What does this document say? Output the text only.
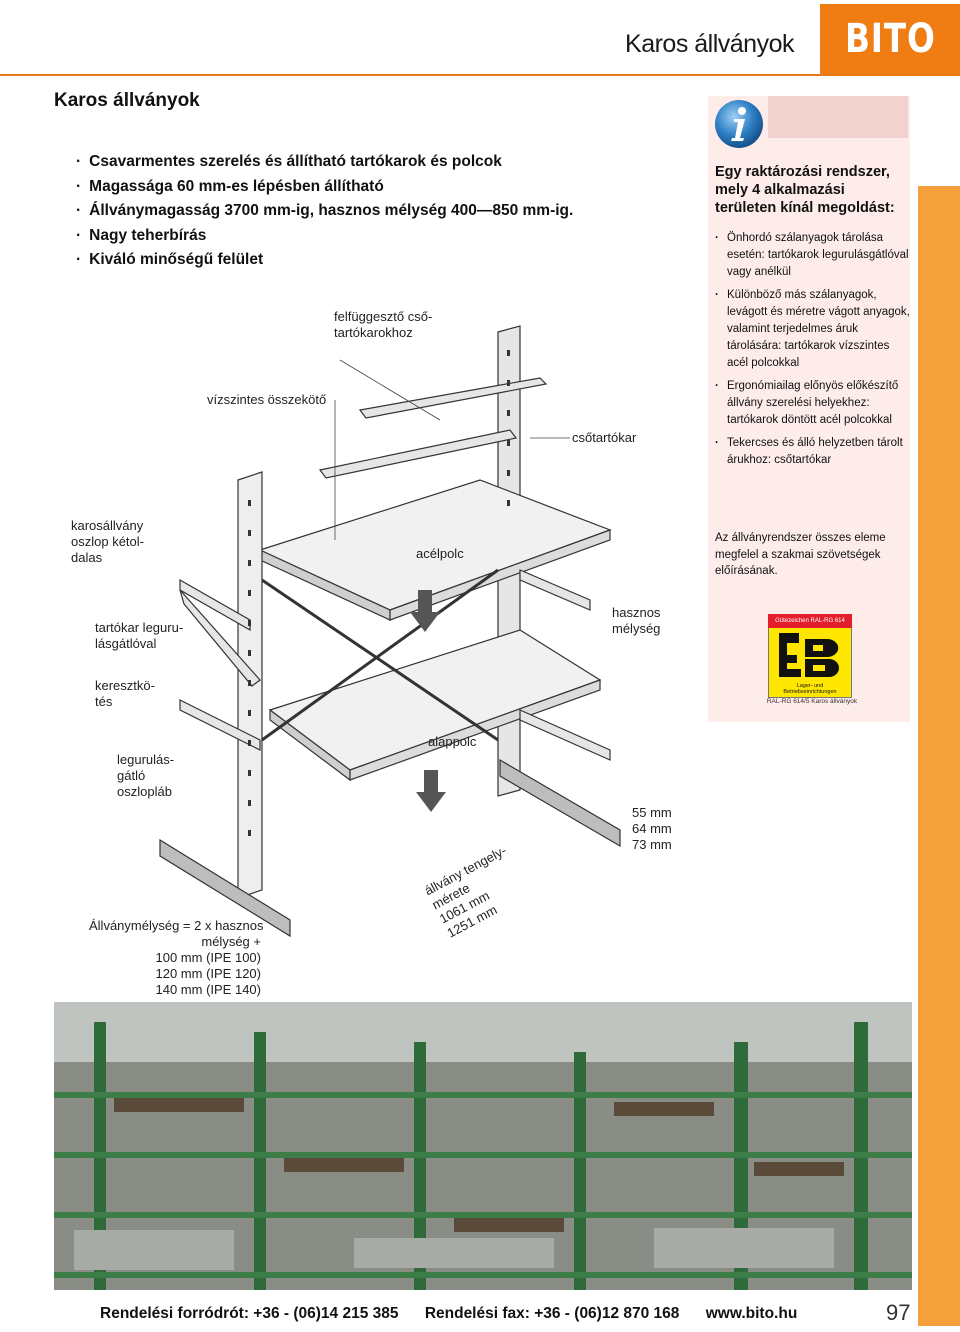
Karos állványok BITO
Karos állványok
· Csavarmentes szerelés és állítható tartókarok és polcok
· Magassága 60 mm-es lépésben állítható
· Állványmagasság 3700 mm-ig, hasznos mélység 400—850 mm-ig.
· Nagy teherbírás
· Kiváló minőségű felület
Egy raktározási rendszer, mely 4 alkalmazási területen kínál megoldást:
· Önhordó szálanyagok tárolása esetén: tartókarok legurulásgátlóval vagy anélkül
· Különböző más szálanyagok, levágott és méretre vágott anyagok, valamint terjedelmes áruk tárolására: tartókarok vízszintes acél polcokkal
· Ergonómiailag előnyös előkészítő állvány szerelési helyekhez: tartókarok döntött acél polcokkal
· Tekercses és álló helyzetben tárolt árukhoz: csőtartókar
Az állványrendszer összes eleme megfelel a szakmai szövetségek előírásának.
Gütezeichen RAL-RG 614
Lager- und Betriebseinrichtungen
RAL-RG 614/5 Karos állványok
felfüggesztő cső-
tartókarokhoz
vízszintes összekötő
csőtartókar
karosállvány
oszlop kétol-
dalas	acélpolc
tartókar leguru-
lásgátlóval
hasznos
mélység
keresztkö-
tés
alappolc
legurulás-
gátló
oszlopláb
55 mm
64 mm
73 mm
állvány tengely-
mérete
1061 mm
1251 mm
Állványmélység = 2 x hasznos
mélység +
100 mm (IPE 100)
120 mm (IPE 120)
140 mm (IPE 140)
Rendelési forródrót: +36 - (06)14 215 385 Rendelési fax: +36 - (06)12 870 168 www.bito.hu	97
